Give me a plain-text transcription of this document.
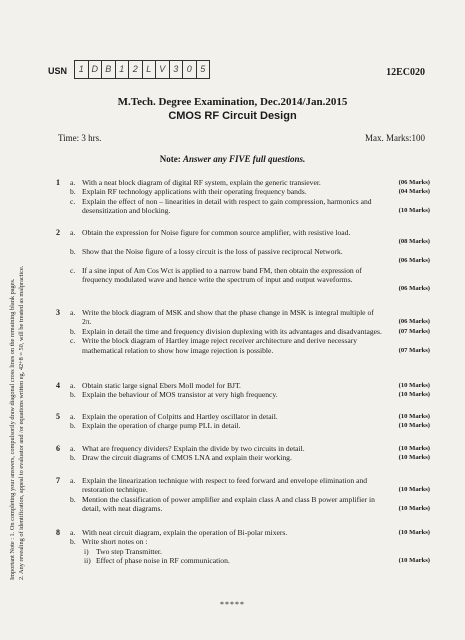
Important Note : 1. On completing your answers, compulsorily draw diagonal cross lines on the remaining blank pages. 2. Any revealing of identification, appeal to evaluator and /or equations written eg, 42+8 = 50, will be treated as malpractice.
USN	1 D B 1 2 L V 3 0 5	12EC020
M.Tech. Degree Examination, Dec.2014/Jan.2015
CMOS RF Circuit Design
Time: 3 hrs.	Max. Marks:100
Note: Answer any FIVE full questions.
1 a. With a neat block diagram of digital RF system, explain the generic transiever.	(06 Marks)
b. Explain RF technology applications with their operating frequency bands.	(04 Marks)
c. Explain the effect of non – linearities in detail with respect to gain compression, harmonics and desensitization and blocking.	(10 Marks)
2 a. Obtain the expression for Noise figure for common source amplifier, with resistive load.
(08 Marks)
b. Show that the Noise figure of a lossy circuit is the loss of passive reciprocal Network.
(06 Marks)
c. If a sine input of Am Cos Wct is applied to a narrow band FM, then obtain the expression of frequency modulated wave and hence write the spectrum of input and output waveforms.
(06 Marks)
3 a. Write the block diagram of MSK and show that the phase change in MSK is integral multiple of 2π.	(06 Marks)
b. Explain in detail the time and frequency division duplexing with its advantages and disadvantages.	(07 Marks)
c. Write the block diagram of Hartley image reject receiver architecture and derive necessary mathematical relation to show how image rejection is possible.	(07 Marks)
4 a. Obtain static large signal Ebers Moll model for BJT.	(10 Marks)
b. Explain the behaviour of MOS transistor at very high frequency.	(10 Marks)
5 a. Explain the operation of Colpitts and Hartley oscillator in detail.	(10 Marks)
b. Explain the operation of charge pump PLL in detail.	(10 Marks)
6 a. What are frequency dividers? Explain the divide by two circuits in detail.	(10 Marks)
b. Draw the circuit diagrams of CMOS LNA and explain their working.	(10 Marks)
7 a. Explain the linearization technique with respect to feed forward and envelope elimination and restoration technique.	(10 Marks)
b. Mention the classification of power amplifier and explain class A and class B power amplifier in detail, with neat diagrams.	(10 Marks)
8 a. With neat circuit diagram, explain the operation of Bi-polar mixers.	(10 Marks)
b. Write short notes on :
i) Two step Transmitter.
ii) Effect of phase noise in RF communication.	(10 Marks)
*****
